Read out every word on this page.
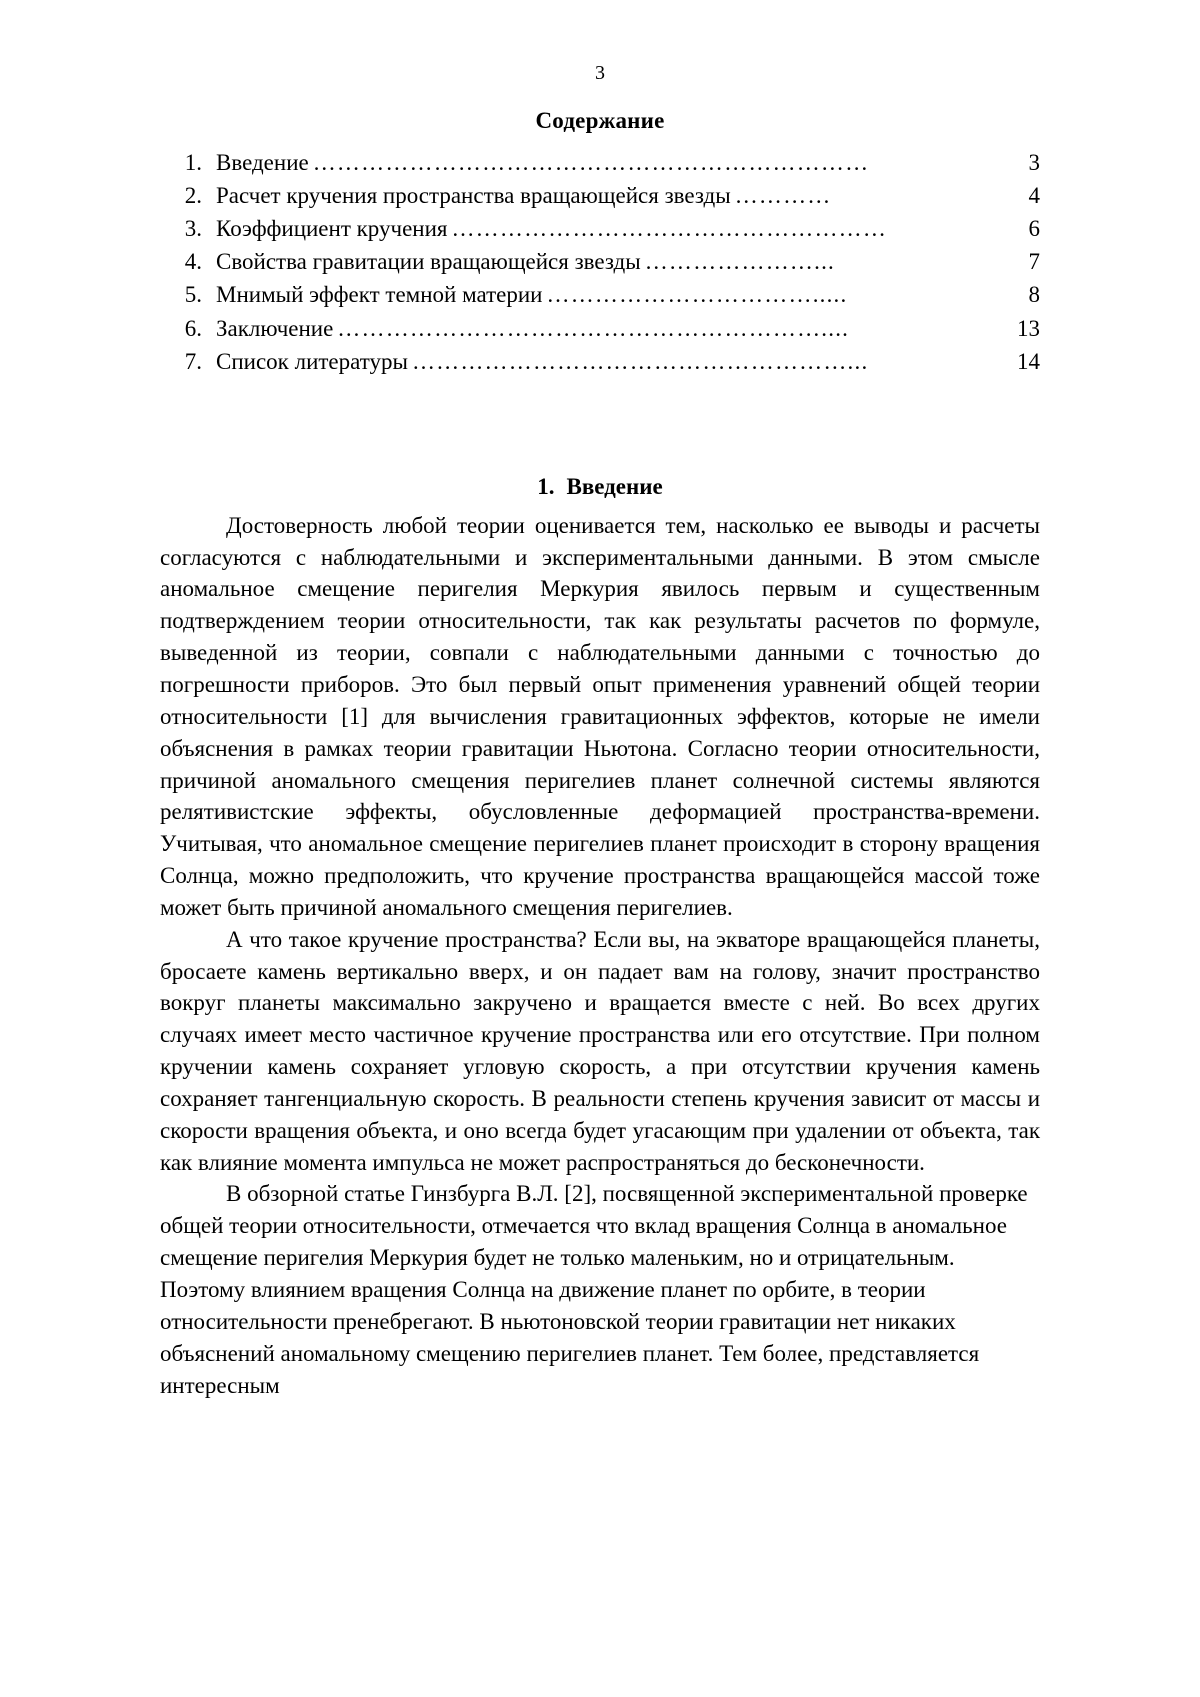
3
Содержание
1. Введение ……………………………………………………………	3
2. Расчет кручения пространства вращающейся звезды …………	4
3. Коэффициент кручения ………………………………………………	6
4. Свойства гравитации вращающейся звезды …………………...	7
5. Мнимый эффект темной материи …………………………….....	8
6. Заключение ……………………………………………………....	13
7. Список литературы ………………………………………………...	14
1. Введение

Достоверность любой теории оценивается тем, насколько ее выводы и расчеты согласуются с наблюдательными и экспериментальными данными. В этом смысле аномальное смещение перигелия Меркурия явилось первым и существенным подтверждением теории относительности, так как результаты расчетов по формуле, выведенной из теории, совпали с наблюдательными данными с точностью до погрешности приборов. Это был первый опыт применения уравнений общей теории относительности [1] для вычисления гравитационных эффектов, которые не имели объяснения в рамках теории гравитации Ньютона. Согласно теории относительности, причиной аномального смещения перигелиев планет солнечной системы являются релятивистские эффекты, обусловленные деформацией пространства-времени. Учитывая, что аномальное смещение перигелиев планет происходит в сторону вращения Солнца, можно предположить, что кручение пространства вращающейся массой тоже может быть причиной аномального смещения перигелиев.

А что такое кручение пространства? Если вы, на экваторе вращающейся планеты, бросаете камень вертикально вверх, и он падает вам на голову, значит пространство вокруг планеты максимально закручено и вращается вместе с ней. Во всех других случаях имеет место частичное кручение пространства или его отсутствие. При полном кручении камень сохраняет угловую скорость, а при отсутствии кручения камень сохраняет тангенциальную скорость. В реальности степень кручения зависит от массы и скорости вращения объекта, и оно всегда будет угасающим при удалении от объекта, так как влияние момента импульса не может распространяться до бесконечности.

В обзорной статье Гинзбурга В.Л. [2], посвященной экспериментальной проверке общей теории относительности, отмечается что вклад вращения Солнца в аномальное смещение перигелия Меркурия будет не только маленьким, но и отрицательным. Поэтому влиянием вращения Солнца на движение планет по орбите, в теории относительности пренебрегают. В ньютоновской теории гравитации нет никаких объяснений аномальному смещению перигелиев планет. Тем более, представляется интересным
